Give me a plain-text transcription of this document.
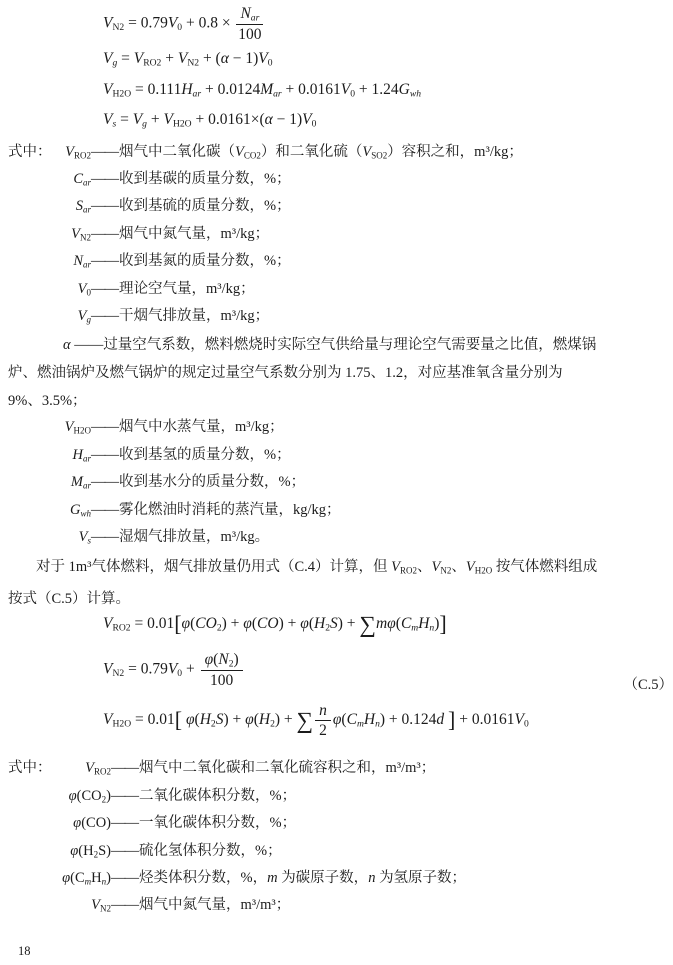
$VN2 = 0.79V0 + 0.8 \times \frac{\text{Nar}}{100}$
Vg = VRO2 + VN2 + (α − 1)V0
VH2O = 0.111Har + 0.0124Mar + 0.0161V0 + 1.24Gwh
Vs = Vg + VH2O + 0.0161×(α − 1)V0
式中： VRO2 —— 烟气中二氧化碳（VCO2）和二氧化硫（VSO2）容积之和，m³/kg；
Car —— 收到基碳的质量分数，%；
Sar —— 收到基硫的质量分数，%；
VN2 —— 烟气中氮气量，m³/kg；
Nar —— 收到基氮的质量分数，%；
V0 —— 理论空气量，m³/kg；
Vg —— 干烟气排放量，m³/kg；

α ——过量空气系数，燃料燃烧时实际空气供给量与理论空气需要量之比值，燃煤锅炉、燃油锅炉及燃气锅炉的规定过量空气系数分别为 1.75、1.2，对应基准氧含量分别为 9%、3.5%；

VH2O —— 烟气中水蒸气量，m³/kg；
Har —— 收到基氢的质量分数，%；
Mar —— 收到基水分的质量分数，%；
Gwh —— 雾化燃油时消耗的蒸汽量，kg/kg；
Vs —— 湿烟气排放量，m³/kg。

对于 1m³气体燃料，烟气排放量仍用式（C.4）计算，但 VRO2、VN2、VH2O 按气体燃料组成按式（C.5）计算。

VRO2 = 0.01[φ(CO2) + φ(CO) + φ(H2S) + ∑mφ(CmHn)]
$VN2 = 0.79V0 + \frac{\varphi(N2)}{100}$
VH2O = 0.01[ φ(H2S) + φ(H2) + ∑ $\frac{n}{2}$ φ(CmHn) + 0.124d ] + 0.0161V0
（C.5）
式中：	VRO2 —— 烟气中二氧化碳和二氧化硫容积之和，m³/m³；
φ(CO2) —— 二氧化碳体积分数，%；
φ(CO) —— 一氧化碳体积分数，%；
φ(H2S) —— 硫化氢体积分数，%；
φ(CmHn) —— 烃类体积分数，%，m 为碳原子数，n 为氢原子数；
VN2 —— 烟气中氮气量，m³/m³；
18
